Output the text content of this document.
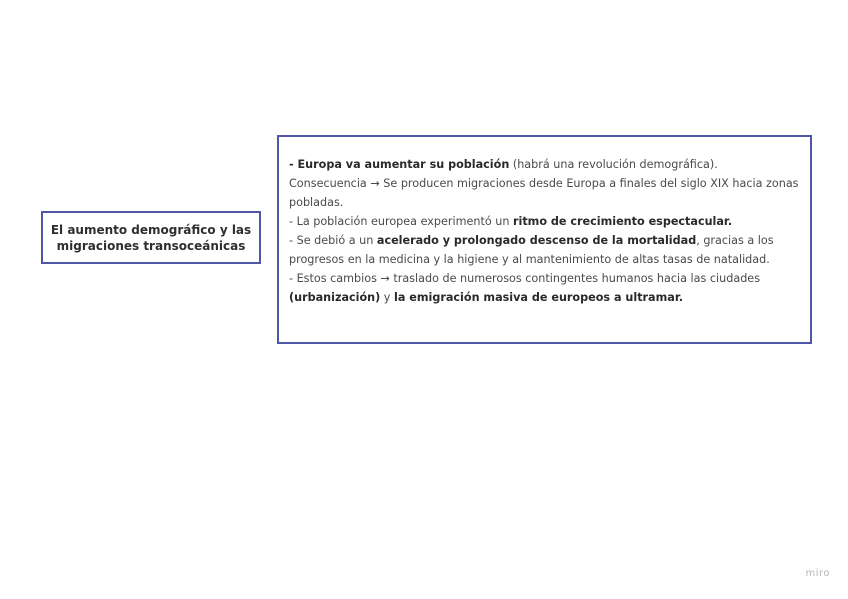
El aumento demográfico y las migraciones transoceánicas
- Europa va aumentar su población (habrá una revolución demográfica).
Consecuencia → Se producen migraciones desde Europa a finales del siglo XIX hacia zonas pobladas.
- La población europea experimentó un ritmo de crecimiento espectacular.
- Se debió a un acelerado y prolongado descenso de la mortalidad, gracias a los progresos en la medicina y la higiene y al mantenimiento de altas tasas de natalidad.
- Estos cambios → traslado de numerosos contingentes humanos hacia las ciudades (urbanización) y la emigración masiva de europeos a ultramar.
miro
